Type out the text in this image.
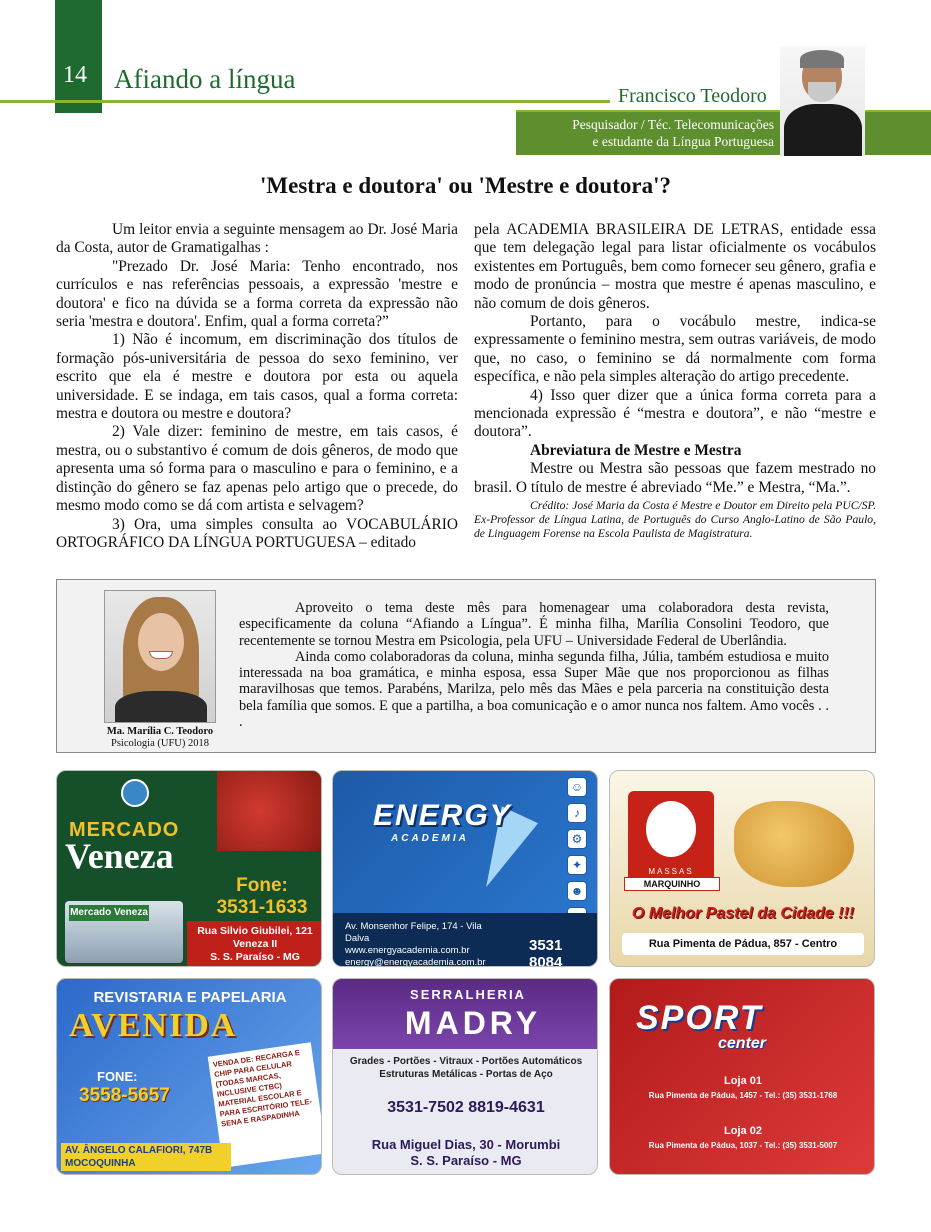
14 Afiando a língua
Francisco Teodoro
Pesquisador / Téc. Telecomunicações
e estudante da Língua Portuguesa
'Mestra e doutora' ou 'Mestre e doutora'?

Um leitor envia a seguinte mensagem ao Dr. José Maria da Costa, autor de Gramatigalhas :

"Prezado Dr. José Maria: Tenho encontrado, nos currículos e nas referências pessoais, a expressão 'mestre e doutora' e fico na dúvida se a forma correta da expressão não seria 'mestra e doutora'. Enfim, qual a forma correta?”

1) Não é incomum, em discriminação dos títulos de formação pós-universitária de pessoa do sexo feminino, ver escrito que ela é mestre e doutora por esta ou aquela universidade. E se indaga, em tais casos, qual a forma correta: mestra e doutora ou mestre e doutora?

2) Vale dizer: feminino de mestre, em tais casos, é mestra, ou o substantivo é comum de dois gêneros, de modo que apresenta uma só forma para o masculino e para o feminino, e a distinção do gênero se faz apenas pelo artigo que o precede, do mesmo modo como se dá com artista e selvagem?

3) Ora, uma simples consulta ao VOCABULÁRIO ORTOGRÁFICO DA LÍNGUA PORTUGUESA – editado

pela ACADEMIA BRASILEIRA DE LETRAS, entidade essa que tem delegação legal para listar oficialmente os vocábulos existentes em Português, bem como fornecer seu gênero, grafia e modo de pronúncia – mostra que mestre é apenas masculino, e não comum de dois gêneros.

Portanto, para o vocábulo mestre, indica-se expressamente o feminino mestra, sem outras variáveis, de modo que, no caso, o feminino se dá normalmente com forma específica, e não pela simples alteração do artigo precedente.

4) Isso quer dizer que a única forma correta para a mencionada expressão é “mestra e doutora”, e não “mestre e doutora”.

Abreviatura de Mestre e Mestra

Mestre ou Mestra são pessoas que fazem mestrado no brasil. O título de mestre é abreviado “Me.” e Mestra, “Ma.”.

Crédito: José Maria da Costa é Mestre e Doutor em Direito pela PUC/SP. Ex-Professor de Língua Latina, de Português do Curso Anglo-Latino de São Paulo, de Linguagem Forense na Escola Paulista de Magistratura.

Ma. Marília C. Teodoro
Psicologia (UFU) 2018

Aproveito o tema deste mês para homenagear uma colaboradora desta revista, especificamente da coluna “Afiando a Língua”. É minha filha, Marília Consolini Teodoro, que recentemente se tornou Mestra em Psicologia, pela UFU – Universidade Federal de Uberlândia.

Ainda como colaboradoras da coluna, minha segunda filha, Júlia, também estudiosa e muito interessada na boa gramática, e minha esposa, essa Super Mãe que nos proporcionou as filhas maravilhosas que temos. Parabéns, Marilza, pelo mês das Mães e pela parceria na constituição desta bela família que somos. E que a partilha, a boa comunicação e o amor nunca nos faltem. Amo vocês . . .

MERCADO
Veneza
Fone:
3531-1633
Mercado Veneza
Rua Silvio Giubilei, 121
Veneza II
S. S. Paraíso - MG
ENERGY
ACADEMIA
☺
♪
⚙
✦
☻
Av. Monsenhor Felipe, 174 - Vila Dalva
www.energyacademia.com.br
energy@energyacademia.com.br
3531 8084
MASSAS
MARQUINHO
O Melhor Pastel da Cidade !!!
Rua Pimenta de Pádua, 857 - Centro
REVISTARIA E PAPELARIA
AVENIDA
FONE:
3558-5657
VENDA DE: RECARGA E CHIP PARA CELULAR (TODAS MARCAS, INCLUSIVE CTBC) MATERIAL ESCOLAR E PARA ESCRITÓRIO TELE-SENA E RASPADINHA
AV. ÂNGELO CALAFIORI, 747B
MOCOQUINHA
SERRALHERIA
MADRY
Grades - Portões - Vitraux - Portões Automáticos
Estruturas Metálicas - Portas de Aço
3531-7502 8819-4631
Rua Miguel Dias, 30 - Morumbi
S. S. Paraíso - MG
SPORT
center
Loja 01
Rua Pimenta de Pádua, 1457 - Tel.: (35) 3531-1768
Loja 02
Rua Pimenta de Pádua, 1037 - Tel.: (35) 3531-5007
